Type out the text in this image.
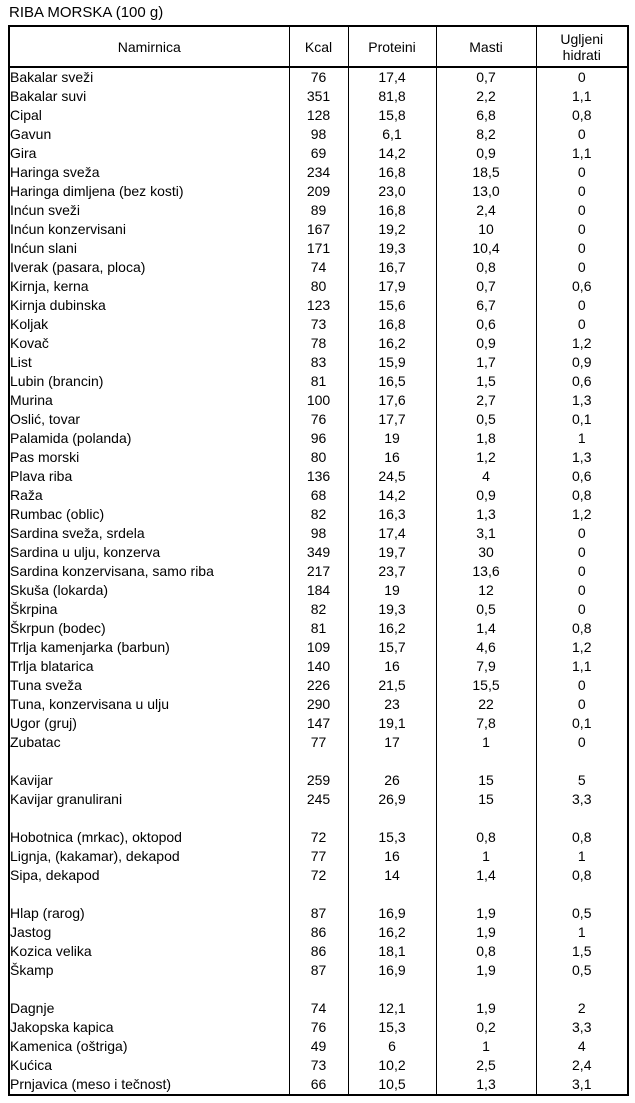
RIBA MORSKA (100 g)
Namirnica	Kcal	Proteini	Masti	Ugljeni hidrati
Bakalar sveži	76	17,4	0,7	0
Bakalar suvi	351	81,8	2,2	1,1
Cipal	128	15,8	6,8	0,8
Gavun	98	6,1	8,2	0
Gira	69	14,2	0,9	1,1
Haringa sveža	234	16,8	18,5	0
Haringa dimljena (bez kosti)	209	23,0	13,0	0
Inćun sveži	89	16,8	2,4	0
Inćun konzervisani	167	19,2	10	0
Inćun slani	171	19,3	10,4	0
Iverak (pasara, ploca)	74	16,7	0,8	0
Kirnja, kerna	80	17,9	0,7	0,6
Kirnja dubinska	123	15,6	6,7	0
Koljak	73	16,8	0,6	0
Kovač	78	16,2	0,9	1,2
List	83	15,9	1,7	0,9
Lubin (brancin)	81	16,5	1,5	0,6
Murina	100	17,6	2,7	1,3
Oslić, tovar	76	17,7	0,5	0,1
Palamida (polanda)	96	19	1,8	1
Pas morski	80	16	1,2	1,3
Plava riba	136	24,5	4	0,6
Raža	68	14,2	0,9	0,8
Rumbac (oblic)	82	16,3	1,3	1,2
Sardina sveža, srdela	98	17,4	3,1	0
Sardina u ulju, konzerva	349	19,7	30	0
Sardina konzervisana, samo riba	217	23,7	13,6	0
Skuša (lokarda)	184	19	12	0
Škrpina	82	19,3	0,5	0
Škrpun (bodec)	81	16,2	1,4	0,8
Trlja kamenjarka (barbun)	109	15,7	4,6	1,2
Trlja blatarica	140	16	7,9	1,1
Tuna sveža	226	21,5	15,5	0
Tuna, konzervisana u ulju	290	23	22	0
Ugor (gruj)	147	19,1	7,8	0,1
Zubatac	77	17	1	0

Kavijar	259	26	15	5
Kavijar granulirani	245	26,9	15	3,3

Hobotnica (mrkac), oktopod	72	15,3	0,8	0,8
Lignja, (kakamar), dekapod	77	16	1	1
Sipa, dekapod	72	14	1,4	0,8

Hlap (rarog)	87	16,9	1,9	0,5
Jastog	86	16,2	1,9	1
Kozica velika	86	18,1	0,8	1,5
Škamp	87	16,9	1,9	0,5

Dagnje	74	12,1	1,9	2
Jakopska kapica	76	15,3	0,2	3,3
Kamenica (oštriga)	49	6	1	4
Kućica	73	10,2	2,5	2,4
Prnjavica (meso i tečnost)	66	10,5	1,3	3,1
